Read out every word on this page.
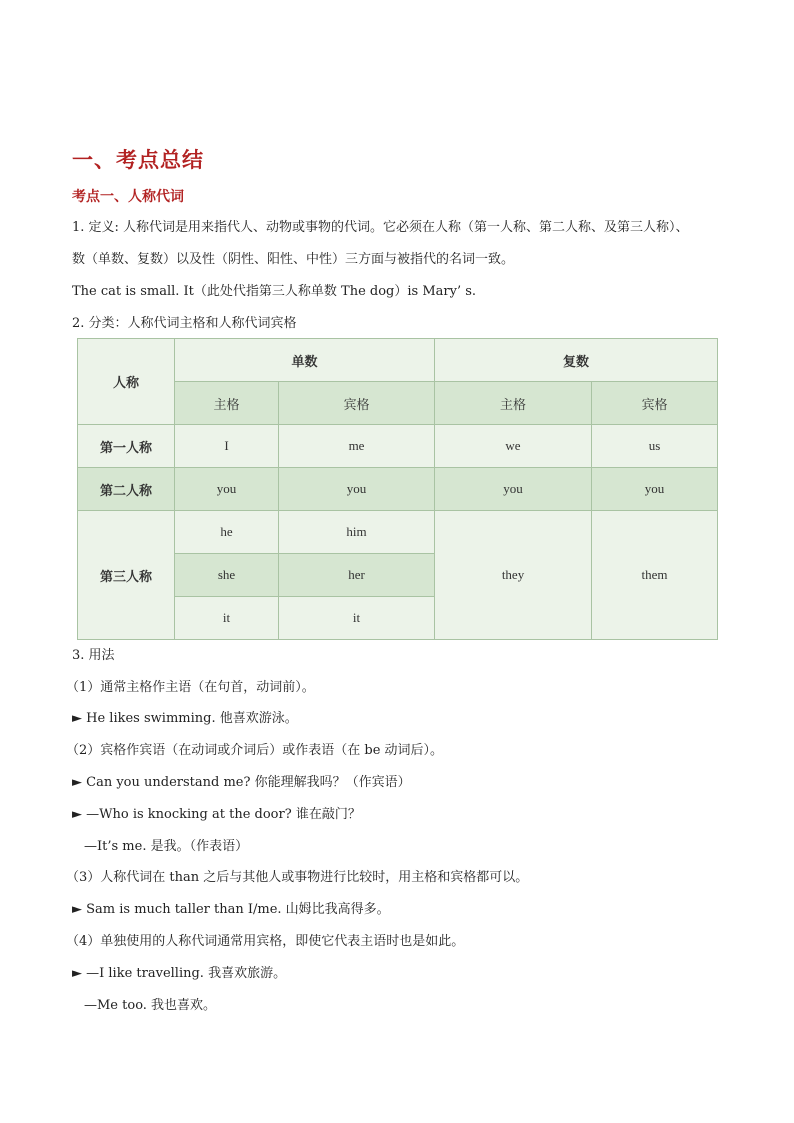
一、考点总结
考点一、人称代词
1. 定义: 人称代词是用来指代人、动物或事物的代词。它必须在人称（第一人称、第二人称、及第三人称）、
数（单数、复数）以及性（阴性、阳性、中性）三方面与被指代的名词一致。
The cat is small. It（此处代指第三人称单数 The dog）is Mary’ s.
2. 分类：人称代词主格和人称代词宾格
人称	单数		复数	
	主格	宾格	主格	宾格
第一人称	I	me	we	us
第二人称	you	you	you	you
第三人称	he	him	they	them
	she	her		
	it	it		
3. 用法
（1）通常主格作主语（在句首，动词前）。
► He likes swimming. 他喜欢游泳。
（2）宾格作宾语（在动词或介词后）或作表语（在 be 动词后）。
► Can you understand me? 你能理解我吗？（作宾语）
► —Who is knocking at the door? 谁在敲门？
—It’s me. 是我。（作表语）
（3）人称代词在 than 之后与其他人或事物进行比较时，用主格和宾格都可以。
► Sam is much taller than I/me. 山姆比我高得多。
（4）单独使用的人称代词通常用宾格，即使它代表主语时也是如此。
► —I like travelling. 我喜欢旅游。
—Me too. 我也喜欢。
